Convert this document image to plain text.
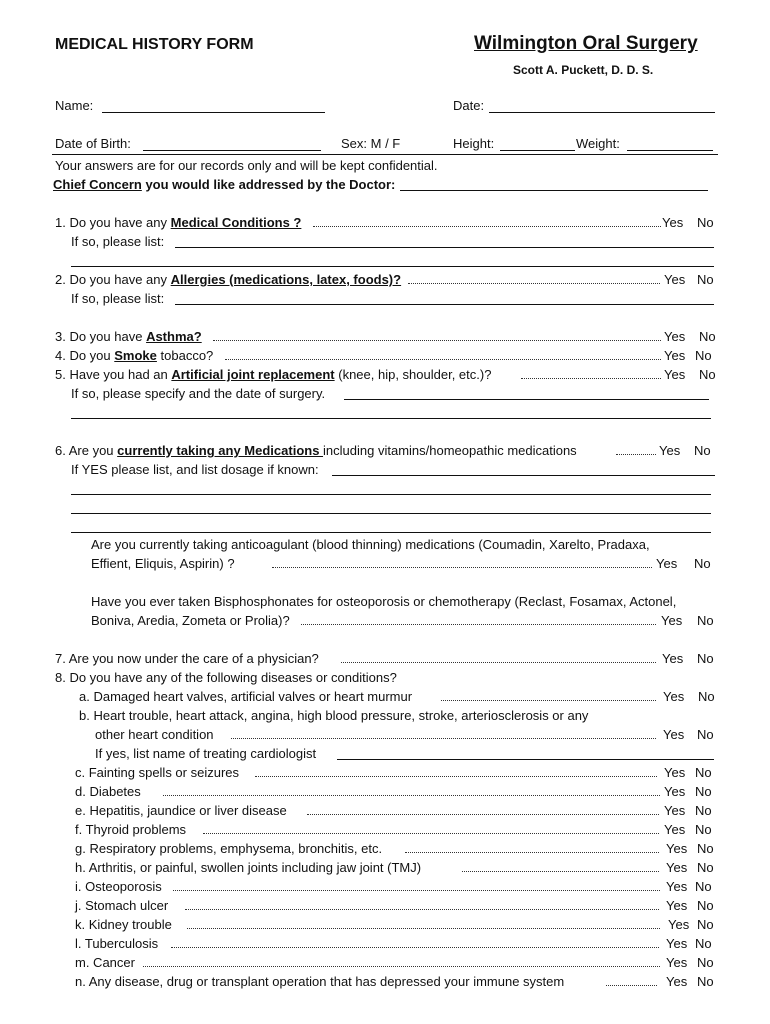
MEDICAL HISTORY FORM	Wilmington Oral Surgery
Scott A. Puckett, D. D. S.
Name:	Date:
Date of Birth:	Sex: M / F	Height:	Weight:
Your answers are for our records only and will be kept confidential.
Chief Concern you would like addressed by the Doctor:
1. Do you have any Medical Conditions ?	Yes No
If so, please list:
2. Do you have any Allergies (medications, latex, foods)?	Yes No
If so, please list:
3. Do you have Asthma?	Yes No
4. Do you Smoke tobacco?	Yes No
5. Have you had an Artificial joint replacement (knee, hip, shoulder, etc.)?	Yes No
If so, please specify and the date of surgery.
6. Are you currently taking any Medications including vitamins/homeopathic medications	Yes No
If YES please list, and list dosage if known:
Are you currently taking anticoagulant (blood thinning) medications (Coumadin, Xarelto, Pradaxa,
Effient, Eliquis, Aspirin) ?	Yes No
Have you ever taken Bisphosphonates for osteoporosis or chemotherapy (Reclast, Fosamax, Actonel,
Boniva, Aredia, Zometa or Prolia)?	Yes No
7. Are you now under the care of a physician?	Yes No
8. Do you have any of the following diseases or conditions?
a. Damaged heart valves, artificial valves or heart murmur	Yes No
b. Heart trouble, heart attack, angina, high blood pressure, stroke, arteriosclerosis or any
other heart condition	Yes No
If yes, list name of treating cardiologist
c. Fainting spells or seizures	Yes No
d. Diabetes	Yes No
e. Hepatitis, jaundice or liver disease	Yes No
f. Thyroid problems	Yes No
g. Respiratory problems, emphysema, bronchitis, etc.	Yes No
h. Arthritis, or painful, swollen joints including jaw joint (TMJ)	Yes No
i. Osteoporosis	Yes No
j. Stomach ulcer	Yes No
k. Kidney trouble	Yes No
l. Tuberculosis	Yes No
m. Cancer	Yes No
n. Any disease, drug or transplant operation that has depressed your immune system	Yes No
